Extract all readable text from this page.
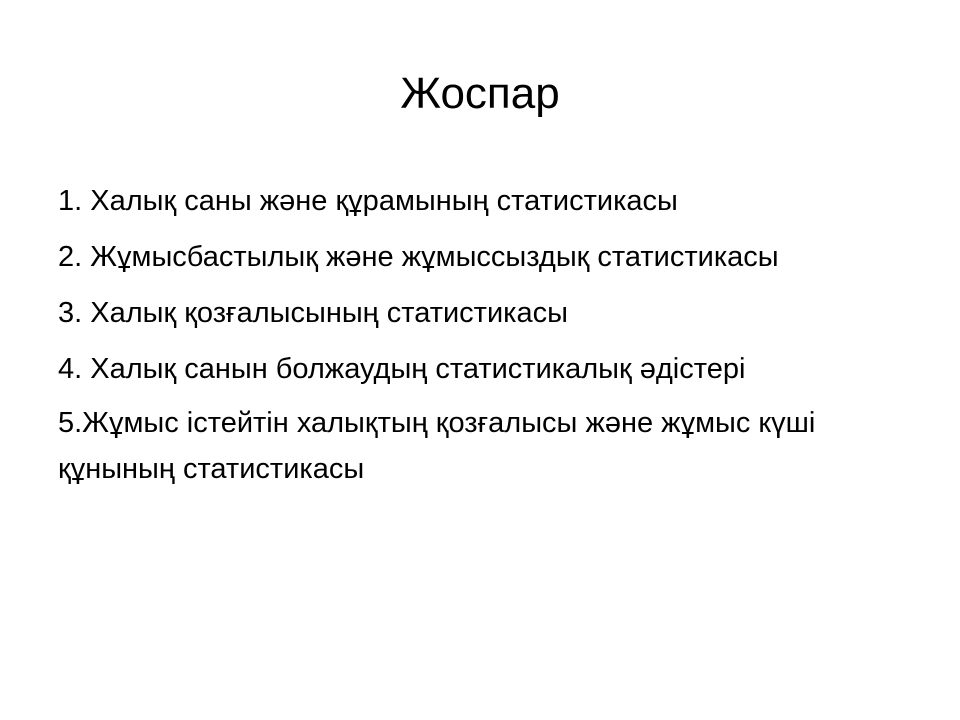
Жоспар
1. Халық саны және құрамының статистикасы
2. Жұмысбастылық және жұмыссыздық статистикасы
3. Халық қозғалысының статистикасы
4. Халық санын болжаудың статистикалық әдістері
5.Жұмыс істейтін халықтың қозғалысы және жұмыс күші құнының статистикасы
